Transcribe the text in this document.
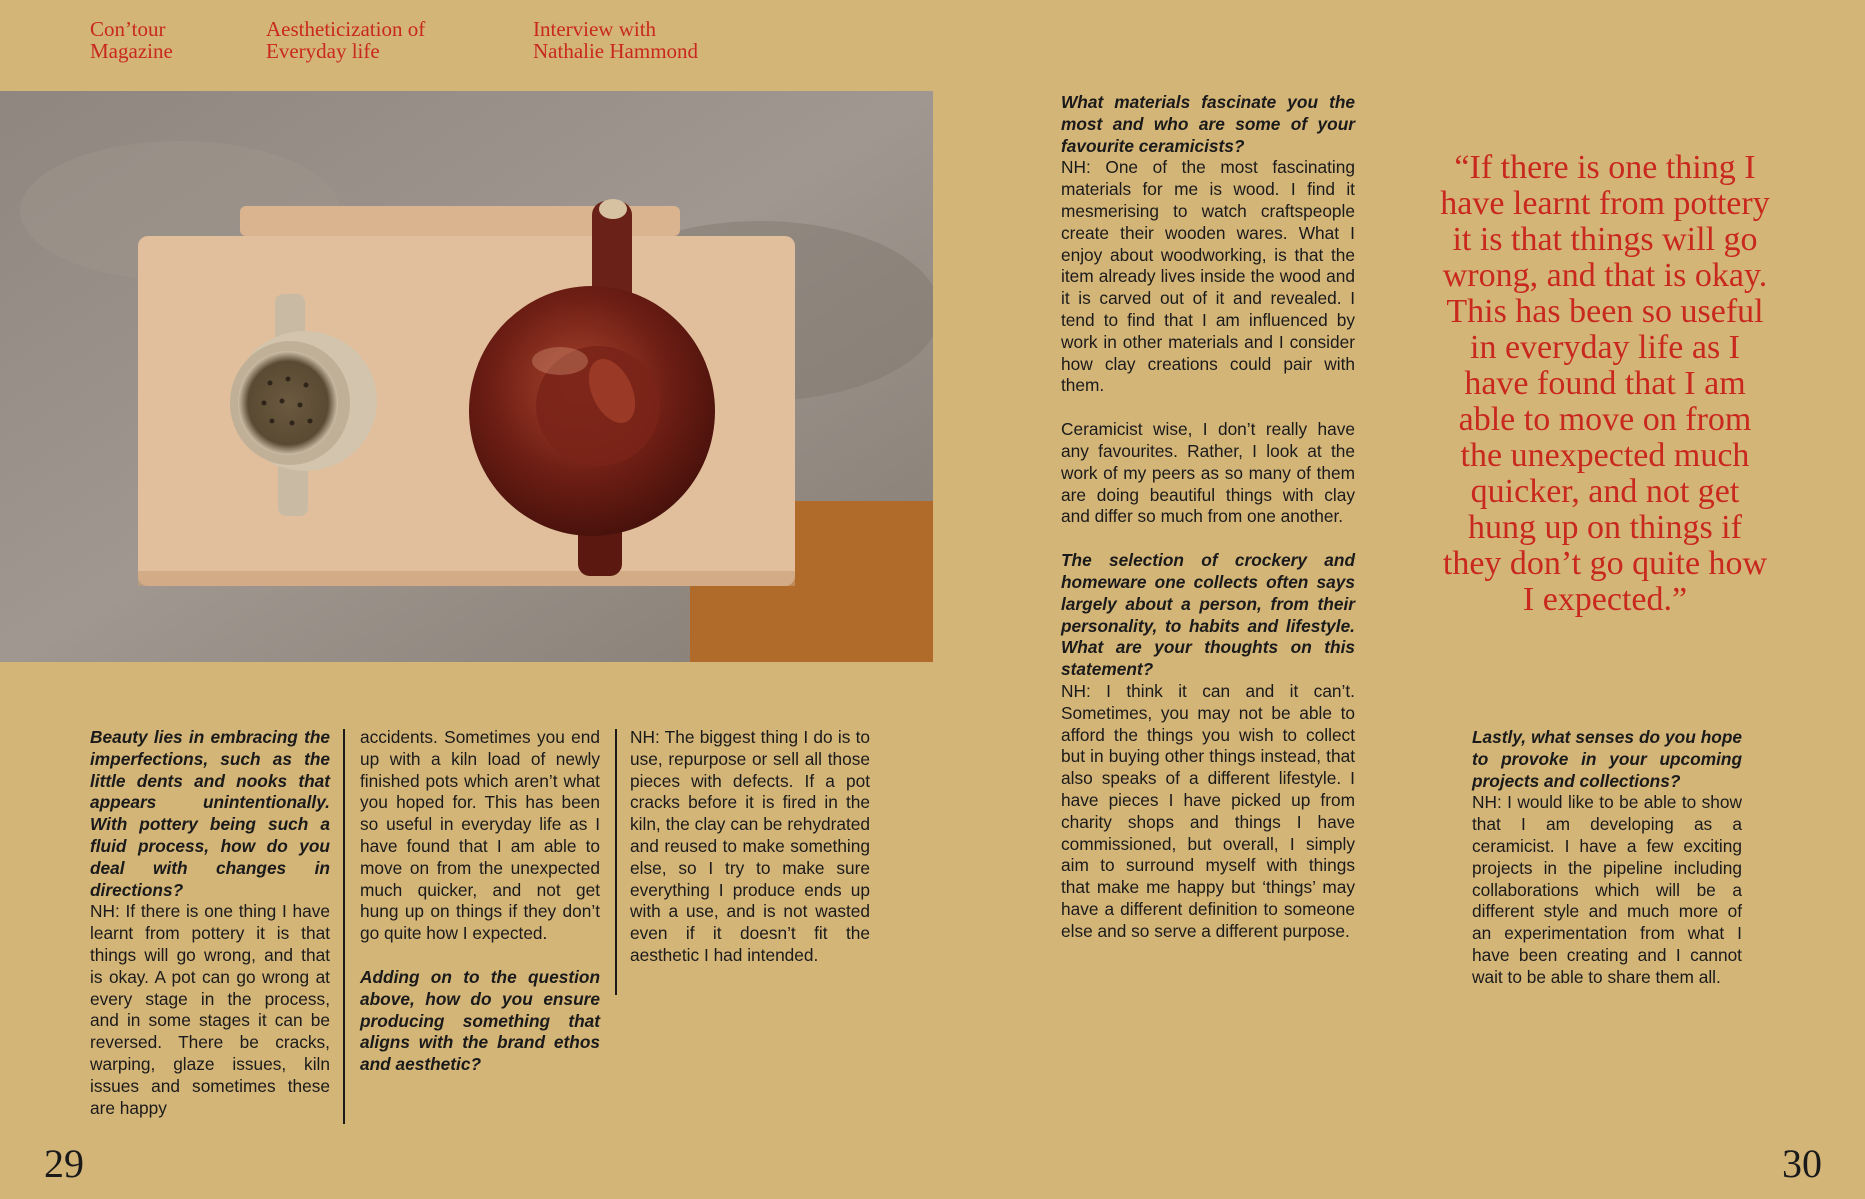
Con’tour
Magazine
Aestheticization of
Everyday life
Interview with
Nathalie Hammond

Beauty lies in embracing the imperfections, such as the little dents and nooks that appears unintentionally. With pottery being such a fluid process, how do you deal with changes in directions?
NH: If there is one thing I have learnt from pottery it is that things will go wrong, and that is okay. A pot can go wrong at every stage in the process, and in some stages it can be reversed. There be cracks, warping, glaze issues, kiln issues and sometimes these are happy

accidents. Sometimes you end up with a kiln load of newly finished pots which aren’t what you hoped for. This has been so useful in everyday life as I have found that I am able to move on from the unexpected much quicker, and not get hung up on things if they don’t go quite how I expected.

Adding on to the question above, how do you ensure producing something that aligns with the brand ethos and aesthetic?

NH: The biggest thing I do is to use, repurpose or sell all those pieces with defects. If a pot cracks before it is fired in the kiln, the clay can be rehydrated and reused to make something else, so I try to make sure everything I produce ends up with a use, and is not wasted even if it doesn’t fit the aesthetic I had intended.

What materials fascinate you the most and who are some of your favourite ceramicists?
NH: One of the most fascinating materials for me is wood. I find it mesmerising to watch craftspeople create their wooden wares. What I enjoy about woodworking, is that the item already lives inside the wood and it is carved out of it and revealed. I tend to find that I am influenced by work in other materials and I consider how clay creations could pair with them.

Ceramicist wise, I don’t really have any favourites. Rather, I look at the work of my peers as so many of them are doing beautiful things with clay and differ so much from one another.

The selection of crockery and homeware one collects often says largely about a person, from their personality, to habits and lifestyle. What are your thoughts on this statement?
NH: I think it can and it can’t. Sometimes, you may not be able to afford the things you wish to collect but in buying other things instead, that also speaks of a different lifestyle. I have pieces I have picked up from charity shops and things I have commissioned, but overall, I simply aim to surround myself with things that make me happy but ‘things’ may have a different definition to someone else and so serve a different purpose.

“If there is one thing I have learnt from pottery it is that things will go wrong, and that is okay. This has been so useful in everyday life as I have found that I am able to move on from the unexpected much quicker, and not get hung up on things if they don’t go quite how I expected.”

Lastly, what senses do you hope to provoke in your upcoming projects and collections?
NH: I would like to be able to show that I am developing as a ceramicist. I have a few exciting projects in the pipeline including collaborations which will be a different style and much more of an experimentation from what I have been creating and I cannot wait to be able to share them all.

29	30
